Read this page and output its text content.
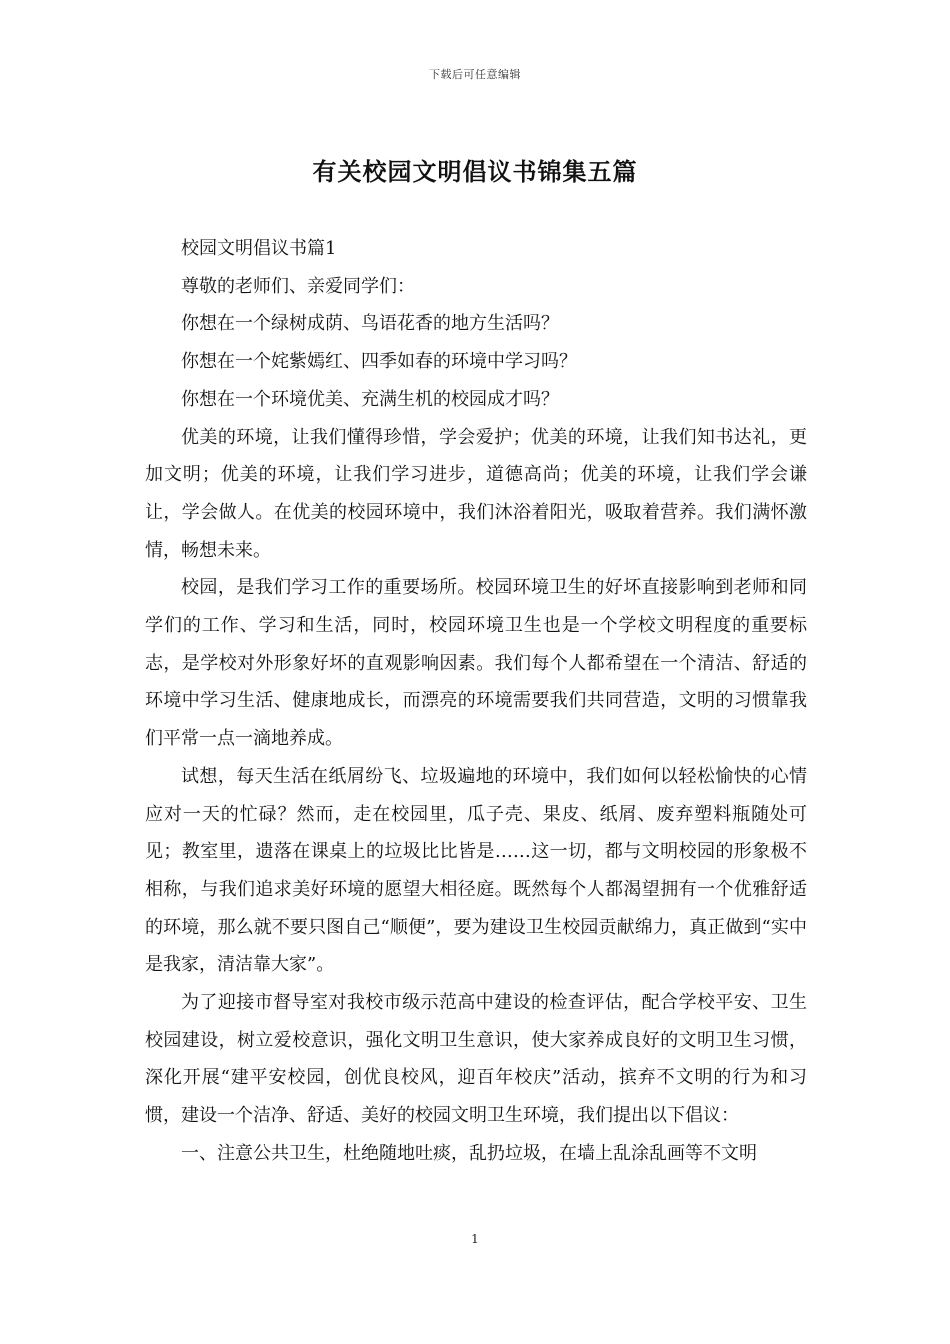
下载后可任意编辑
有关校园文明倡议书锦集五篇

校园文明倡议书篇1

尊敬的老师们、亲爱同学们：

你想在一个绿树成荫、鸟语花香的地方生活吗？

你想在一个姹紫嫣红、四季如春的环境中学习吗？

你想在一个环境优美、充满生机的校园成才吗？

优美的环境，让我们懂得珍惜，学会爱护；优美的环境，让我们知书达礼，更加文明；优美的环境，让我们学习进步，道德高尚；优美的环境，让我们学会谦让，学会做人。在优美的校园环境中，我们沐浴着阳光，吸取着营养。我们满怀激情，畅想未来。

校园，是我们学习工作的重要场所。校园环境卫生的好坏直接影响到老师和同学们的工作、学习和生活，同时，校园环境卫生也是一个学校文明程度的重要标志，是学校对外形象好坏的直观影响因素。我们每个人都希望在一个清洁、舒适的环境中学习生活、健康地成长，而漂亮的环境需要我们共同营造，文明的习惯靠我们平常一点一滴地养成。

试想，每天生活在纸屑纷飞、垃圾遍地的环境中，我们如何以轻松愉快的心情应对一天的忙碌？然而，走在校园里，瓜子壳、果皮、纸屑、废弃塑料瓶随处可见；教室里，遗落在课桌上的垃圾比比皆是……这一切，都与文明校园的形象极不相称，与我们追求美好环境的愿望大相径庭。既然每个人都渴望拥有一个优雅舒适的环境，那么就不要只图自己“顺便”，要为建设卫生校园贡献绵力，真正做到“实中是我家，清洁靠大家”。

为了迎接市督导室对我校市级示范高中建设的检查评估，配合学校平安、卫生校园建设，树立爱校意识，强化文明卫生意识，使大家养成良好的文明卫生习惯，深化开展“建平安校园，创优良校风，迎百年校庆”活动，摈弃不文明的行为和习惯，建设一个洁净、舒适、美好的校园文明卫生环境，我们提出以下倡议：

一、注意公共卫生，杜绝随地吐痰，乱扔垃圾，在墙上乱涂乱画等不文明

1
